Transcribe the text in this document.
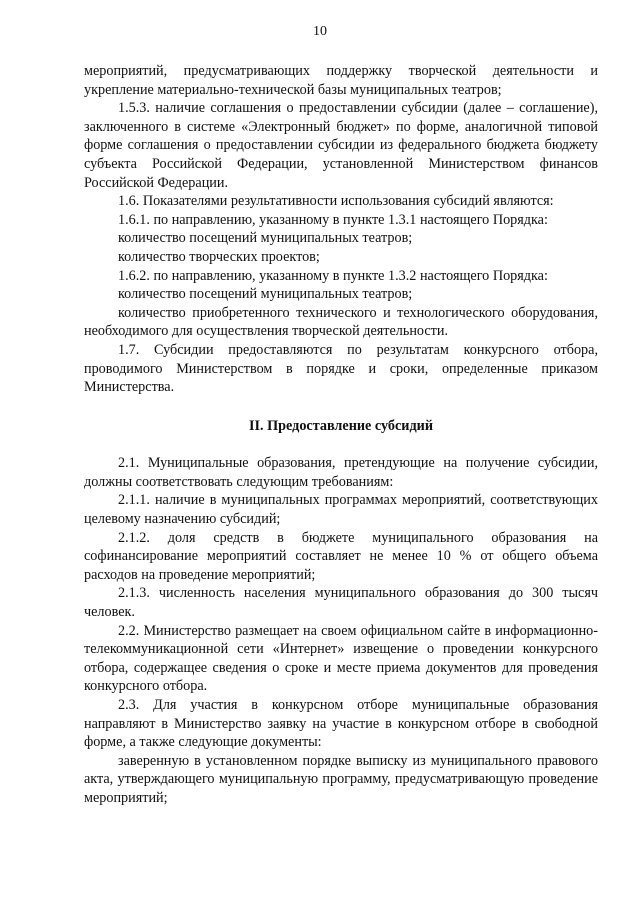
10

мероприятий, предусматривающих поддержку творческой деятельности и укрепление материально-технической базы муниципальных театров;

1.5.3. наличие соглашения о предоставлении субсидии (далее – соглашение), заключенного в системе «Электронный бюджет» по форме, аналогичной типовой форме соглашения о предоставлении субсидии из федерального бюджета бюджету субъекта Российской Федерации, установленной Министерством финансов Российской Федерации.

1.6. Показателями результативности использования субсидий являются:

1.6.1. по направлению, указанному в пункте 1.3.1 настоящего Порядка:

количество посещений муниципальных театров;

количество творческих проектов;

1.6.2. по направлению, указанному в пункте 1.3.2 настоящего Порядка:

количество посещений муниципальных театров;

количество приобретенного технического и технологического оборудования, необходимого для осуществления творческой деятельности.

1.7. Субсидии предоставляются по результатам конкурсного отбора, проводимого Министерством в порядке и сроки, определенные приказом Министерства.

II. Предоставление субсидий

2.1. Муниципальные образования, претендующие на получение субсидии, должны соответствовать следующим требованиям:

2.1.1. наличие в муниципальных программах мероприятий, соответствующих целевому назначению субсидий;

2.1.2. доля средств в бюджете муниципального образования на софинансирование мероприятий составляет не менее 10 % от общего объема расходов на проведение мероприятий;

2.1.3. численность населения муниципального образования до 300 тысяч человек.

2.2. Министерство размещает на своем официальном сайте в информационно-телекоммуникационной сети «Интернет» извещение о проведении конкурсного отбора, содержащее сведения о сроке и месте приема документов для проведения конкурсного отбора.

2.3. Для участия в конкурсном отборе муниципальные образования направляют в Министерство заявку на участие в конкурсном отборе в свободной форме, а также следующие документы:

заверенную в установленном порядке выписку из муниципального правового акта, утверждающего муниципальную программу, предусматривающую проведение мероприятий;
